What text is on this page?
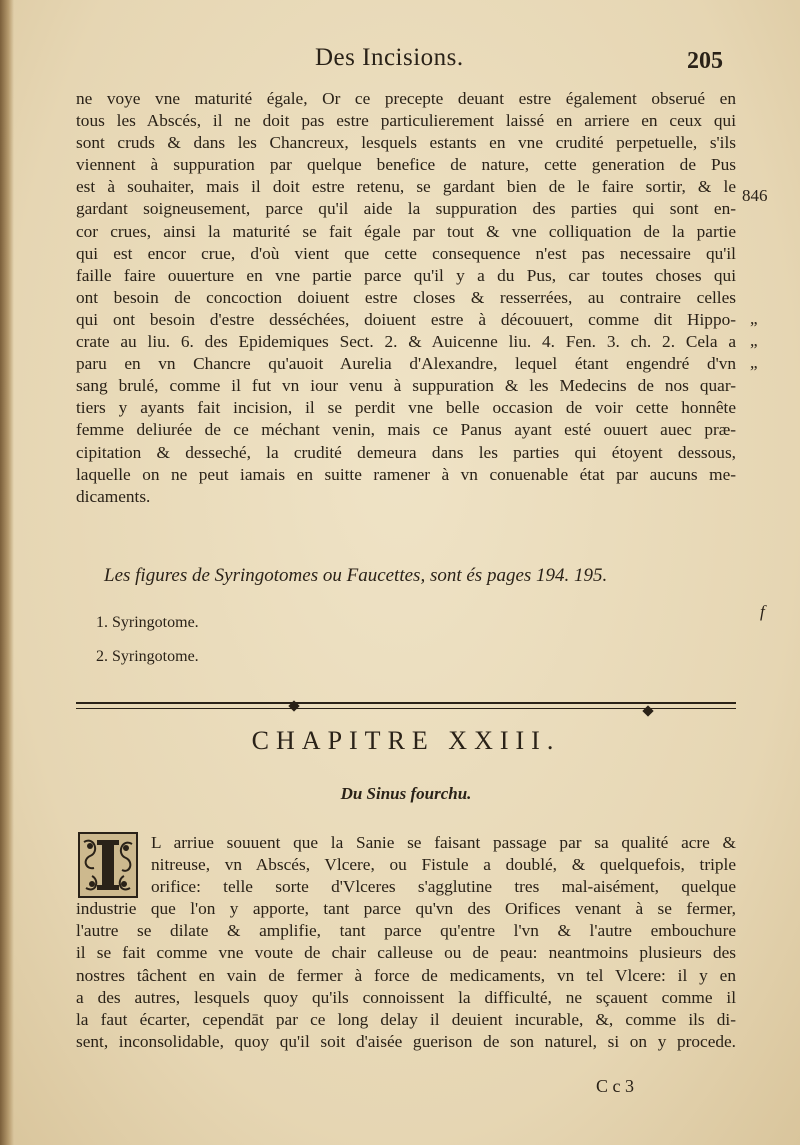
Des Incisions.	205
ne voye vne maturité égale, Or ce precepte deuant estre également obserué en
tous les Abscés, il ne doit pas estre particulierement laissé en arriere en ceux qui
sont cruds & dans les Chancreux, lesquels estants en vne crudité perpetuelle, s'ils
viennent à suppuration par quelque benefice de nature, cette generation de Pus
est à souhaiter, mais il doit estre retenu, se gardant bien de le faire sortir, & le
gardant soigneusement, parce qu'il aide la suppuration des parties qui sont en-
cor crues, ainsi la maturité se fait égale par tout & vne colliquation de la partie
qui est encor crue, d'où vient que cette consequence n'est pas necessaire qu'il
faille faire ouuerture en vne partie parce qu'il y a du Pus, car toutes choses qui
ont besoin de concoction doiuent estre closes & resserrées, au contraire celles
qui ont besoin d'estre desséchées, doiuent estre à découuert, comme dit Hippo-
crate au liu. 6. des Epidemiques Sect. 2. & Auicenne liu. 4. Fen. 3. ch. 2. Cela a
paru en vn Chancre qu'auoit Aurelia d'Alexandre, lequel étant engendré d'vn
sang brulé, comme il fut vn iour venu à suppuration & les Medecins de nos quar-
tiers y ayants fait incision, il se perdit vne belle occasion de voir cette honnête
femme deliurée de ce méchant venin, mais ce Panus ayant esté ouuert auec præ-
cipitation & desseché, la crudité demeura dans les parties qui étoyent dessous,
laquelle on ne peut iamais en suitte ramener à vn conuenable état par aucuns me-
dicaments.
846
”
”
”
f
Les figures de Syringotomes ou Faucettes, sont és pages 194. 195.
1. Syringotome.
2. Syringotome.
CHAPITRE XXIII.
Du Sinus fourchu.
L arriue souuent que la Sanie se faisant passage par sa qualité acre &
nitreuse, vn Abscés, Vlcere, ou Fistule a doublé, & quelquefois, triple
orifice: telle sorte d'Vlceres s'agglutine tres mal-aisément, quelque
industrie que l'on y apporte, tant parce qu'vn des Orifices venant à se fermer,
l'autre se dilate & amplifie, tant parce qu'entre l'vn & l'autre embouchure
il se fait comme vne voute de chair calleuse ou de peau: neantmoins plusieurs des
nostres tâchent en vain de fermer à force de medicaments, vn tel Vlcere: il y en
a des autres, lesquels quoy qu'ils connoissent la difficulté, ne sçauent comme il
la faut écarter, cependāt par ce long delay il deuient incurable, &, comme ils di-
sent, inconsolidable, quoy qu'il soit d'aisée guerison de son naturel, si on y procede.
C c 3
